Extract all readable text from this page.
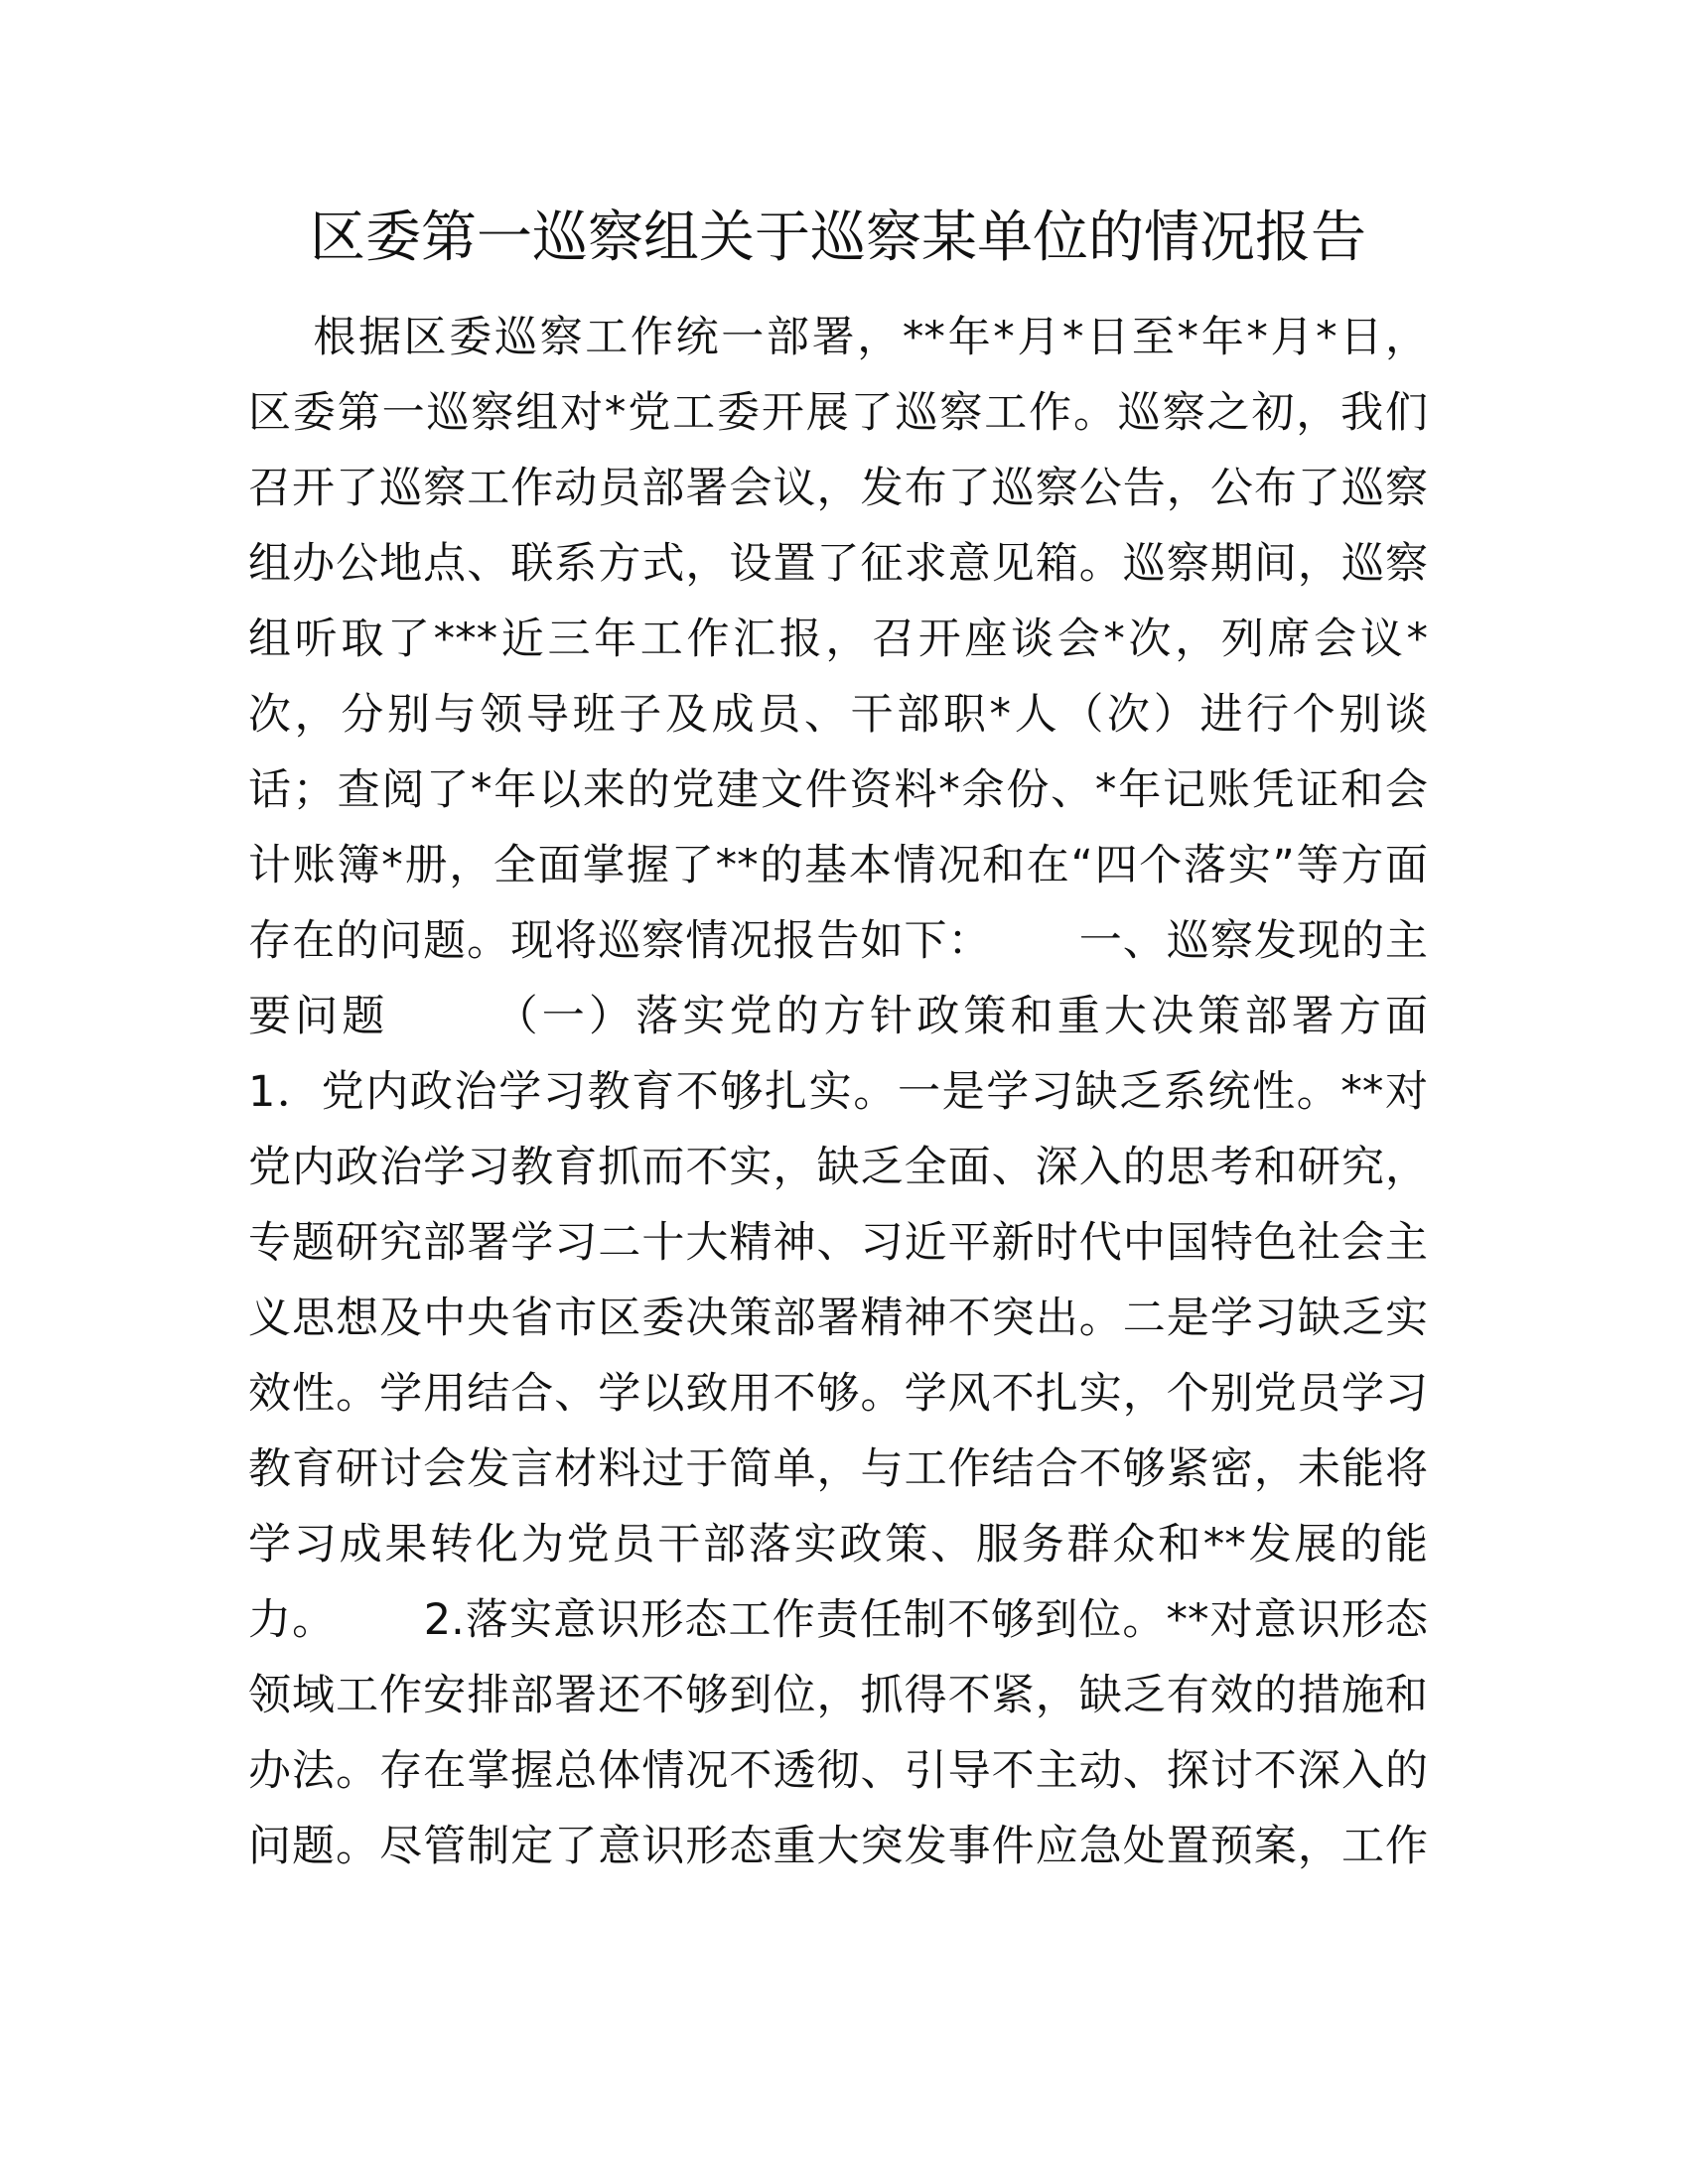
区委第一巡察组关于巡察某单位的情况报告
根据区委巡察工作统一部署，**年*月*日至*年*月*日，
区委第一巡察组对*党工委开展了巡察工作。巡察之初，我们
召开了巡察工作动员部署会议，发布了巡察公告，公布了巡察
组办公地点、联系方式，设置了征求意见箱。巡察期间，巡察
组听取了***近三年工作汇报，召开座谈会*次，列席会议*
次，分别与领导班子及成员、干部职*人（次）进行个别谈
话；查阅了*年以来的党建文件资料*余份、*年记账凭证和会
计账簿*册，全面掌握了**的基本情况和在“四个落实”等方面
存在的问题。现将巡察情况报告如下：      一、巡察发现的主
要问题      （一）落实党的方针政策和重大决策部署方面
1．党内政治学习教育不够扎实。一是学习缺乏系统性。**对
党内政治学习教育抓而不实，缺乏全面、深入的思考和研究，
专题研究部署学习二十大精神、习近平新时代中国特色社会主
义思想及中央省市区委决策部署精神不突出。二是学习缺乏实
效性。学用结合、学以致用不够。学风不扎实，个别党员学习
教育研讨会发言材料过于简单，与工作结合不够紧密，未能将
学习成果转化为党员干部落实政策、服务群众和**发展的能
力。      2.落实意识形态工作责任制不够到位。**对意识形态
领域工作安排部署还不够到位，抓得不紧，缺乏有效的措施和
办法。存在掌握总体情况不透彻、引导不主动、探讨不深入的
问题。尽管制定了意识形态重大突发事件应急处置预案，工作
